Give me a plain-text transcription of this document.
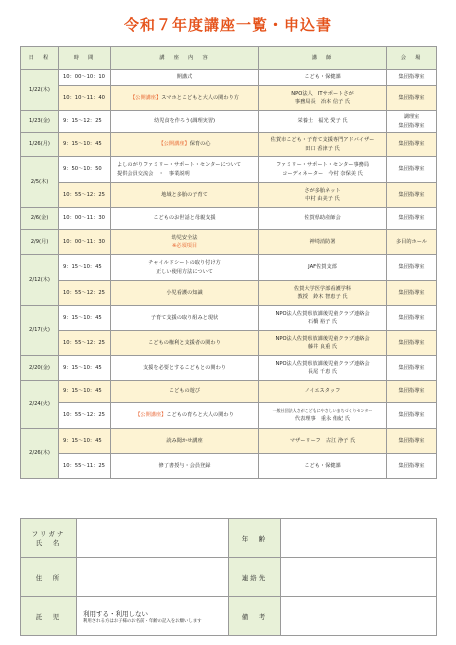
令和７年度講座一覧・申込書
日　程	時　間	講　座　内　容	講　師	会　場
1/22(木)	10：00〜10：10	開講式	こども・保健課	集団指導室
	10：10〜11：40	【公開講座】スマホとこどもと大人の関わり方	NPO法人　ITサポートさが
事務局長　冶本 信子 氏	集団指導室
1/23(金)	9：15〜12：25	幼児食を作ろう(調理実習)	栄養士　福光 愛子 氏	調理室
集団指導室
1/26(月)	9：15〜10：45	【公開講座】保育の心	佐賀市こども・子育て支援専門アドバイザー
田口 香津子 氏	集団指導室
2/5(木)	9：50〜10：50	よしのがりファミリー・サポート・センターについて
提供会員交流会　・　事業説明	ファミリー・サポート・センター事務局
コーディネーター　今村 奈保美 氏	集団指導室
	10：55〜12：25	地域と多胎の子育て	さが多胎ネット
中村 由美子 氏	集団指導室
2/6(金)	10：00〜11：30	こどものお世話と母親支援	佐賀県助産師会	集団指導室
2/9(月)	10：00〜11：30	幼児安全法
※必須項目	神埼消防署	多目的ホール
2/12(木)	9：15〜10：45	チャイルドシートの取り付け方
正しい使用方法について	JAF佐賀支部	集団指導室
	10：55〜12：25	小児看護の知識	佐賀大学医学部看護学科
教授　鈴木 智恵子 氏	集団指導室
2/17(火)	9：15〜10：45	子育て支援の取り組みと現状	NPO法人佐賀県放課後児童クラブ連絡会
石橋 裕子 氏	集団指導室
	10：55〜12：25	こどもの権利と支援者の関わり	NPO法人佐賀県放課後児童クラブ連絡会
藤井 良重 氏	集団指導室
2/20(金)	9：15〜10：45	支援を必要とするこどもとの関わり	NPO法人佐賀県放課後児童クラブ連絡会
長尾 千恵 氏	集団指導室
2/24(火)	9：15〜10：45	こどもの遊び	ノイエスタッフ	集団指導室
	10：55〜12：25	【公開講座】こどもの育ちと大人の関わり	一般社団法人さがこどもにやさしいまちづくりセンター
代表理事　重永 侑紀 氏	集団指導室
2/26(木)	9：15〜10：45	読み聞かせ講座	マザーリーフ　古江 浄子 氏	集団指導室
	10：55〜11：25	修了書授与・会員登録	こども・保健課	集団指導室
フリガナ
氏　名		年　齢	
住　所		連絡先	
託　児	利用する・利用しない
利用される方はお子様のお名前・年齢の記入をお願いします	備　考	
